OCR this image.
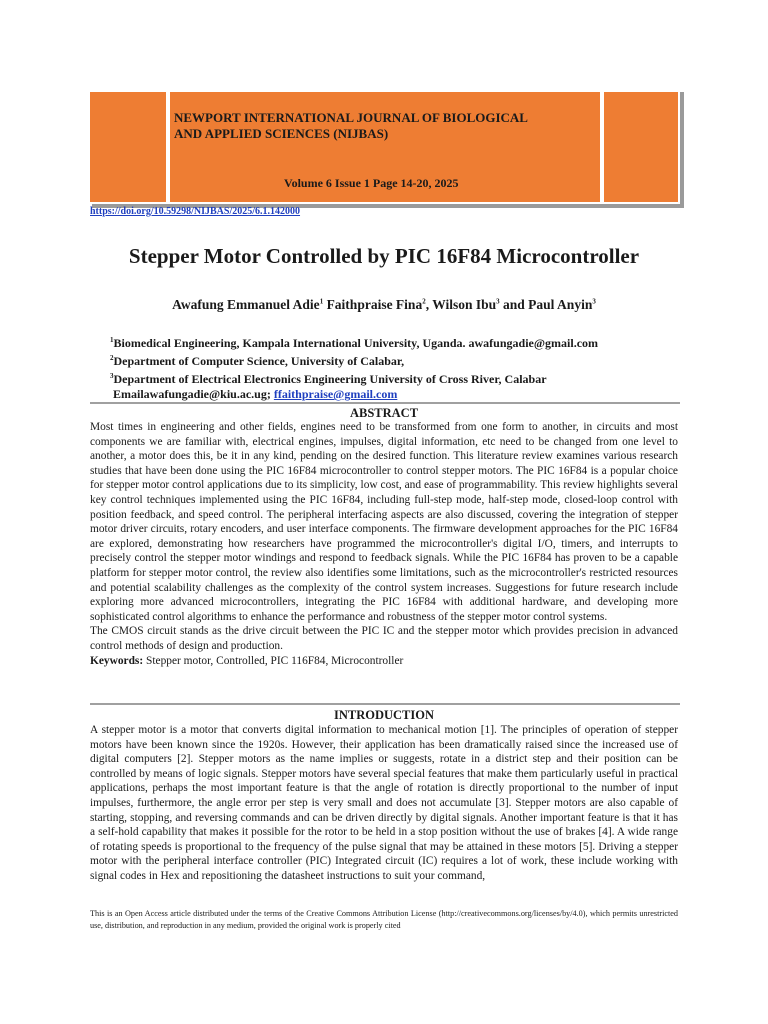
NEWPORT INTERNATIONAL JOURNAL OF BIOLOGICAL
AND APPLIED SCIENCES (NIJBAS)
Volume 6 Issue 1 Page 14-20, 2025
https://doi.org/10.59298/NIJBAS/2025/6.1.142000
Stepper Motor Controlled by PIC 16F84 Microcontroller
Awafung Emmanuel Adie$^1$ Faithpraise Fina$^2$, Wilson Ibu$^3$ and Paul Anyin$^3$
$^1$Biomedical Engineering, Kampala International University, Uganda. awafungadie@gmail.com
$^2$Department of Computer Science, University of Calabar,
$^3$Department of Electrical Electronics Engineering University of Cross River, Calabar
Emailawafungadie@kiu.ac.ug; ffaithpraise@gmail.com
ABSTRACT

Most times in engineering and other fields, engines need to be transformed from one form to another, in circuits and most components we are familiar with, electrical engines, impulses, digital information, etc need to be changed from one level to another, a motor does this, be it in any kind, pending on the desired function. This literature review examines various research studies that have been done using the PIC 16F84 microcontroller to control stepper motors. The PIC 16F84 is a popular choice for stepper motor control applications due to its simplicity, low cost, and ease of programmability. This review highlights several key control techniques implemented using the PIC 16F84, including full-step mode, half-step mode, closed-loop control with position feedback, and speed control. The peripheral interfacing aspects are also discussed, covering the integration of stepper motor driver circuits, rotary encoders, and user interface components. The firmware development approaches for the PIC 16F84 are explored, demonstrating how researchers have programmed the microcontroller's digital I/O, timers, and interrupts to precisely control the stepper motor windings and respond to feedback signals. While the PIC 16F84 has proven to be a capable platform for stepper motor control, the review also identifies some limitations, such as the microcontroller's restricted resources and potential scalability challenges as the complexity of the control system increases. Suggestions for future research include exploring more advanced microcontrollers, integrating the PIC 16F84 with additional hardware, and developing more sophisticated control algorithms to enhance the performance and robustness of the stepper motor control systems.

The CMOS circuit stands as the drive circuit between the PIC IC and the stepper motor which provides precision in advanced control methods of design and production.

Keywords: Stepper motor, Controlled, PIC 116F84, Microcontroller

INTRODUCTION

A stepper motor is a motor that converts digital information to mechanical motion [1]. The principles of operation of stepper motors have been known since the 1920s. However, their application has been dramatically raised since the increased use of digital computers [2]. Stepper motors as the name implies or suggests, rotate in a district step and their position can be controlled by means of logic signals. Stepper motors have several special features that make them particularly useful in practical applications, perhaps the most important feature is that the angle of rotation is directly proportional to the number of input impulses, furthermore, the angle error per step is very small and does not accumulate [3]. Stepper motors are also capable of starting, stopping, and reversing commands and can be driven directly by digital signals. Another important feature is that it has a self-hold capability that makes it possible for the rotor to be held in a stop position without the use of brakes [4]. A wide range of rotating speeds is proportional to the frequency of the pulse signal that may be attained in these motors [5]. Driving a stepper motor with the peripheral interface controller (PIC) Integrated circuit (IC) requires a lot of work, these include working with signal codes in Hex and repositioning the datasheet instructions to suit your command,

This is an Open Access article distributed under the terms of the Creative Commons Attribution License (http://creativecommons.org/licenses/by/4.0), which permits unrestricted use, distribution, and reproduction in any medium, provided the original work is properly cited
